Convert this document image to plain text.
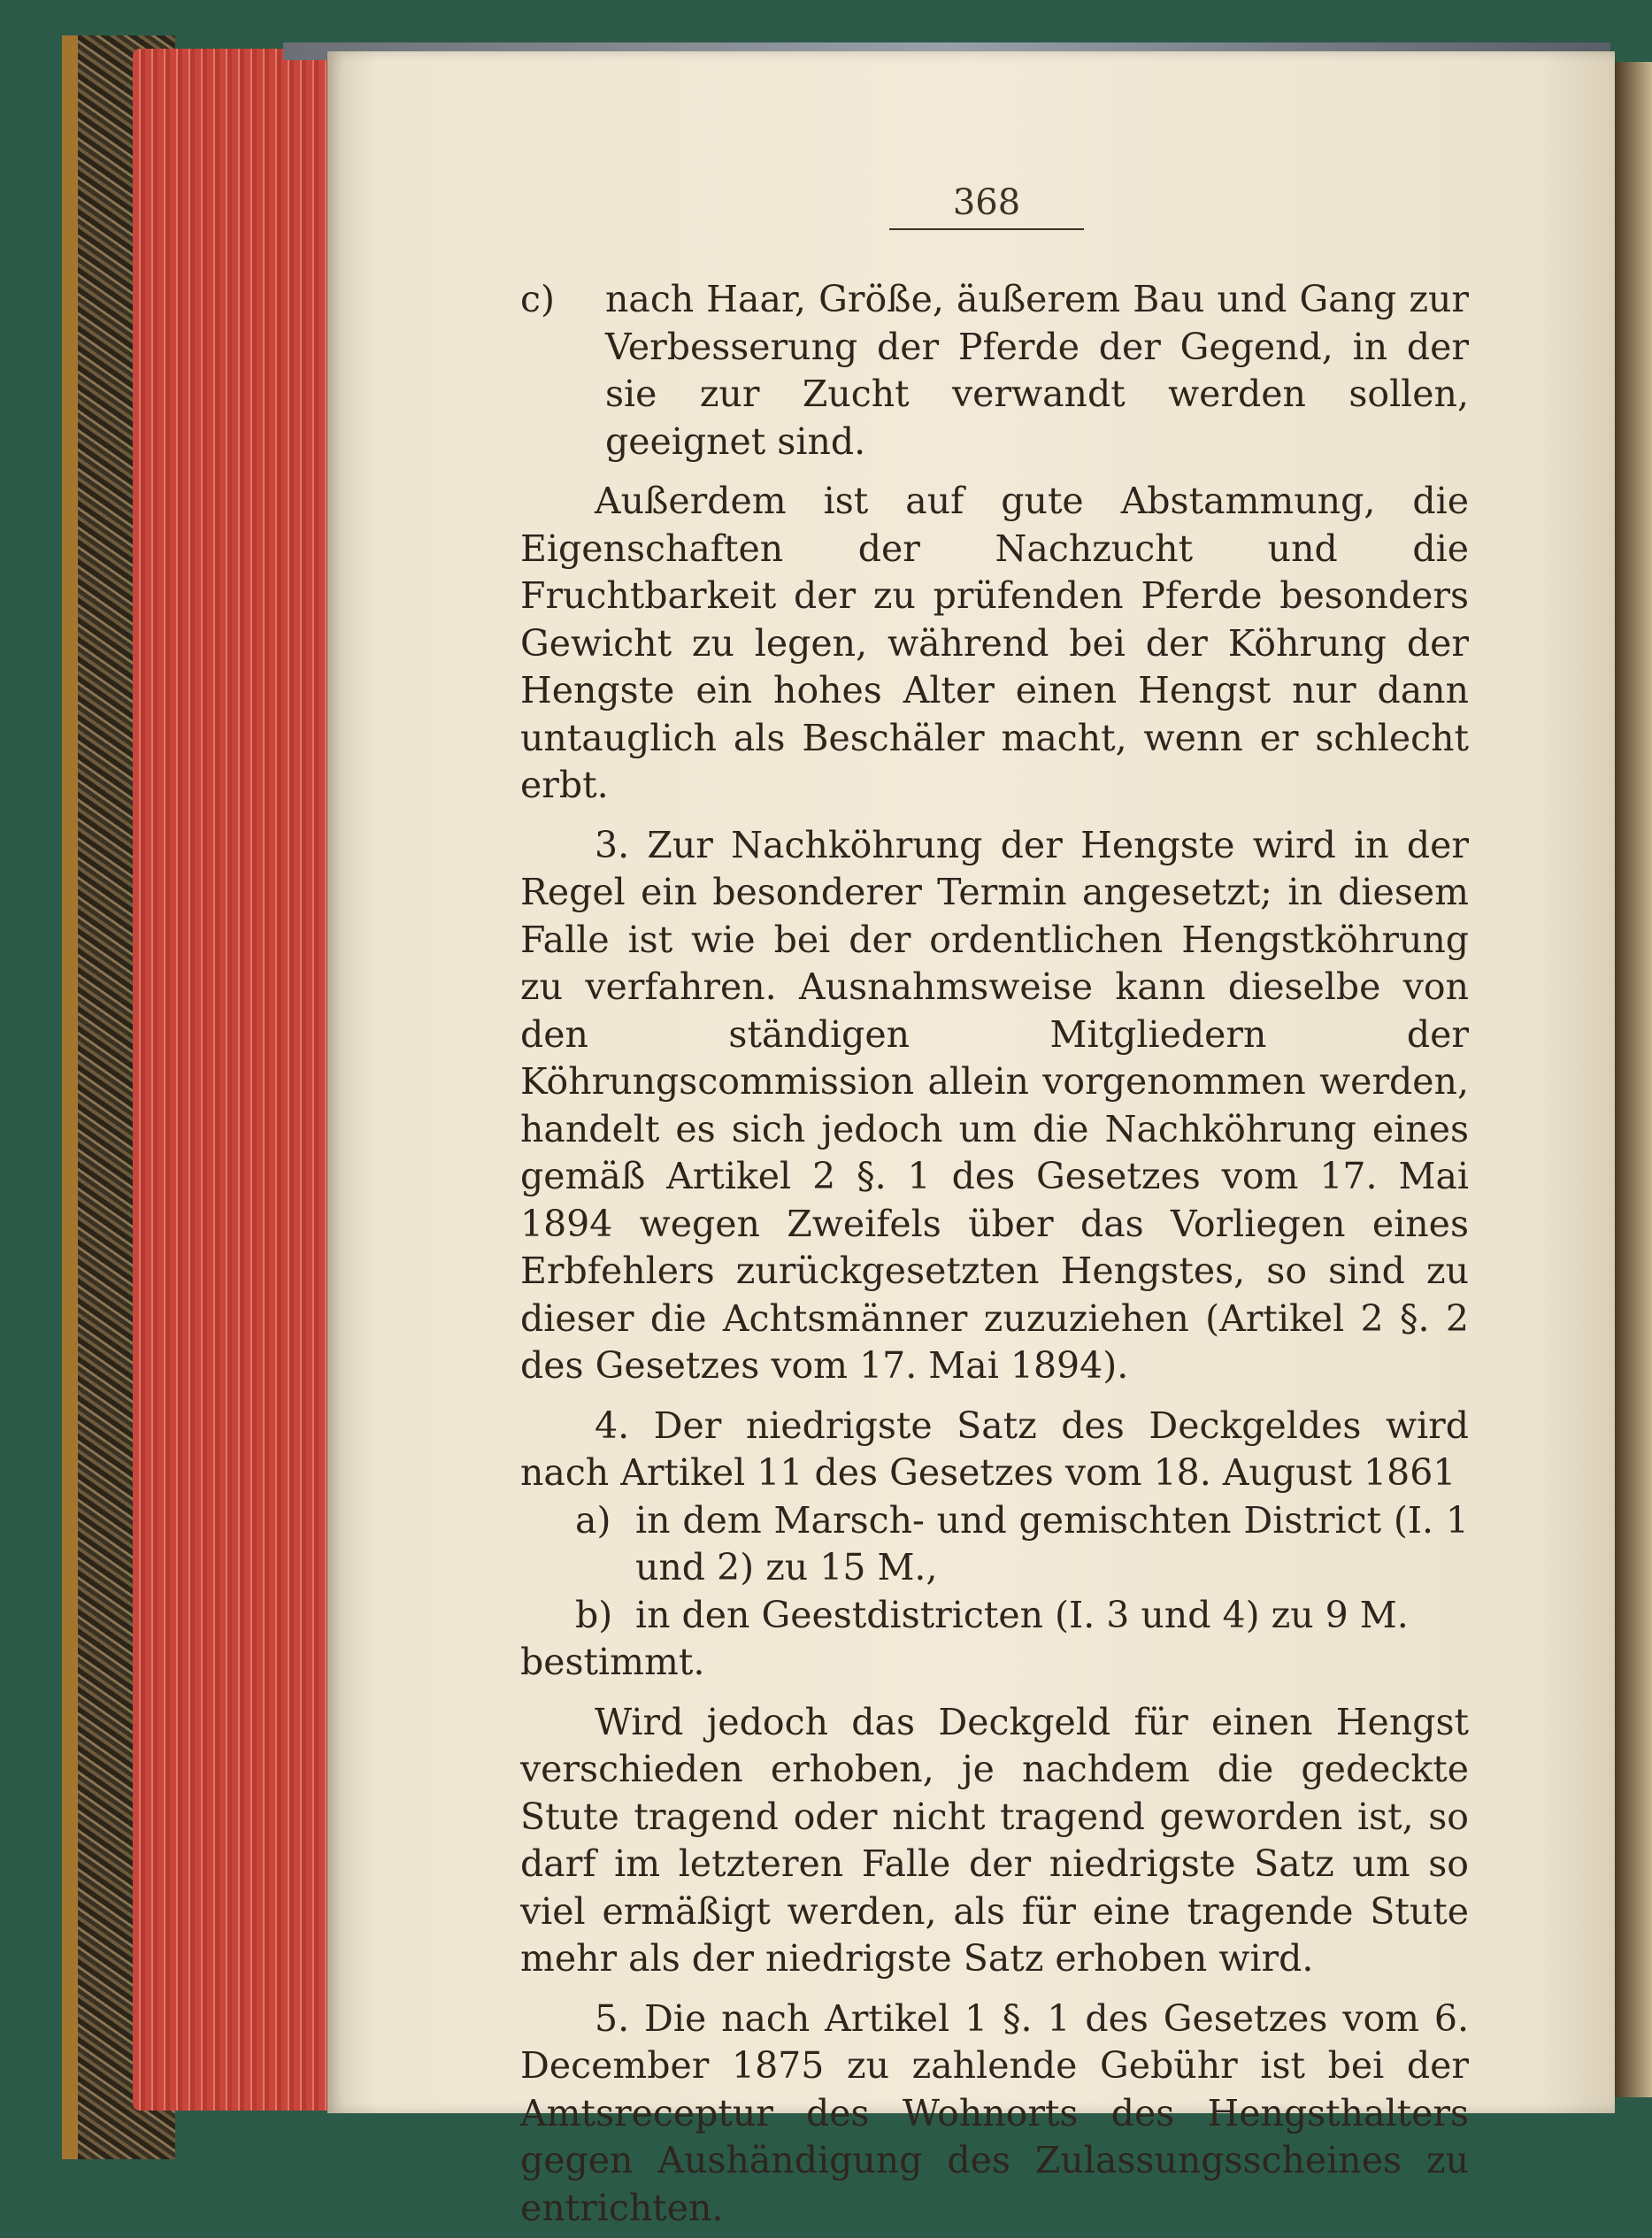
368
c)	nach Haar, Größe, äußerem Bau und Gang zur Verbesserung der Pferde der Gegend, in der sie zur Zucht verwandt werden sollen, geeignet sind.

Außerdem ist auf gute Abstammung, die Eigenschaften der Nachzucht und die Fruchtbarkeit der zu prüfenden Pferde besonders Gewicht zu legen, während bei der Köhrung der Hengste ein hohes Alter einen Hengst nur dann untauglich als Beschäler macht, wenn er schlecht erbt.

3. Zur Nachköhrung der Hengste wird in der Regel ein besonderer Termin angesetzt; in diesem Falle ist wie bei der ordentlichen Hengstköhrung zu verfahren. Ausnahmsweise kann dieselbe von den ständigen Mitgliedern der Köhrungscommission allein vorgenommen werden, handelt es sich jedoch um die Nachköhrung eines gemäß Artikel 2 §. 1 des Gesetzes vom 17. Mai 1894 wegen Zweifels über das Vorliegen eines Erbfehlers zurückgesetzten Hengstes, so sind zu dieser die Achtsmänner zuzuziehen (Artikel 2 §. 2 des Gesetzes vom 17. Mai 1894).

4. Der niedrigste Satz des Deckgeldes wird nach Artikel 11 des Gesetzes vom 18. August 1861

a) in dem Marsch- und gemischten District (I. 1 und 2) zu 15 M.,
b) in den Geestdistricten (I. 3 und 4) zu 9 M.

bestimmt.

Wird jedoch das Deckgeld für einen Hengst verschieden erhoben, je nachdem die gedeckte Stute tragend oder nicht tragend geworden ist, so darf im letzteren Falle der niedrigste Satz um so viel ermäßigt werden, als für eine tragende Stute mehr als der niedrigste Satz erhoben wird.

5. Die nach Artikel 1 §. 1 des Gesetzes vom 6. December 1875 zu zahlende Gebühr ist bei der Amtsreceptur des Wohnorts des Hengsthalters gegen Aushändigung des Zulassungsscheines zu entrichten.
